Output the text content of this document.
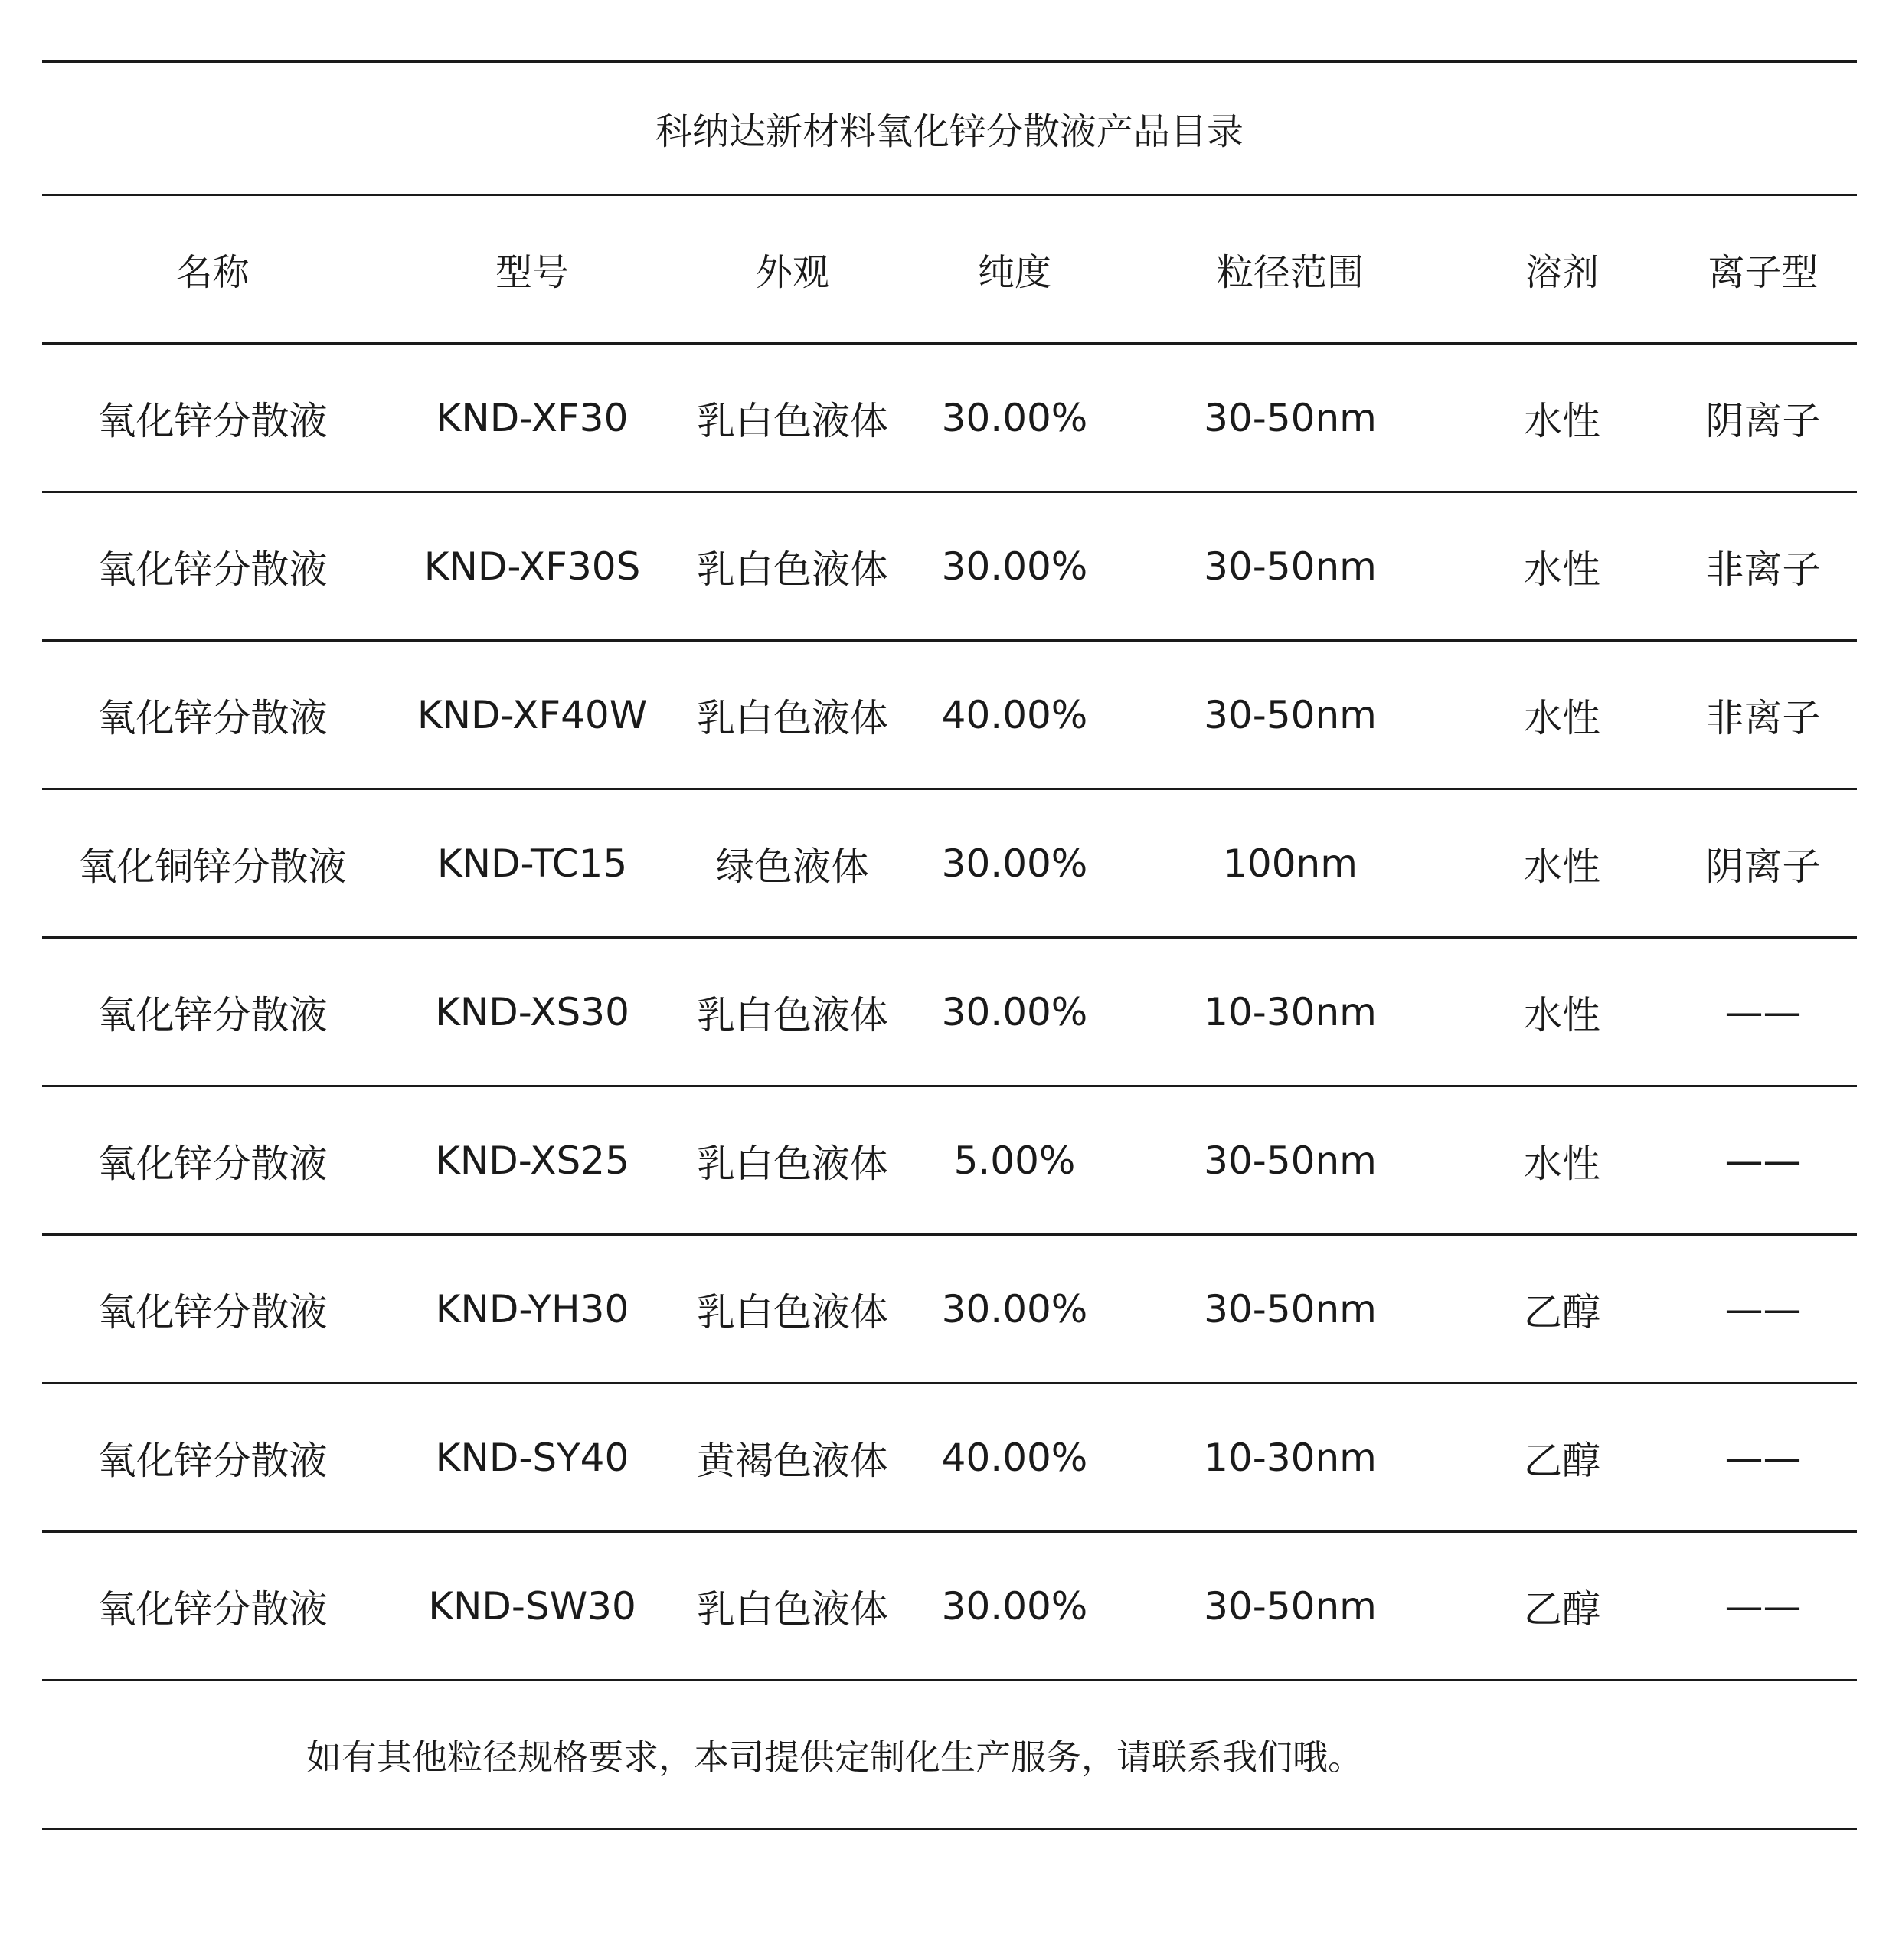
科纳达新材料氧化锌分散液产品目录						
名称	型号	外观	纯度	粒径范围	溶剂	离子型
氧化锌分散液	KND-XF30	乳白色液体	30.00%	30-50nm	水性	阴离子
氧化锌分散液	KND-XF30S	乳白色液体	30.00%	30-50nm	水性	非离子
氧化锌分散液	KND-XF40W	乳白色液体	40.00%	30-50nm	水性	非离子
氧化铜锌分散液	KND-TC15	绿色液体	30.00%	100nm	水性	阴离子
氧化锌分散液	KND-XS30	乳白色液体	30.00%	10-30nm	水性	——
氧化锌分散液	KND-XS25	乳白色液体	5.00%	30-50nm	水性	——
氧化锌分散液	KND-YH30	乳白色液体	30.00%	30-50nm	乙醇	——
氧化锌分散液	KND-SY40	黄褐色液体	40.00%	10-30nm	乙醇	——
氧化锌分散液	KND-SW30	乳白色液体	30.00%	30-50nm	乙醇	——
如有其他粒径规格要求，本司提供定制化生产服务，请联系我们哦。						
